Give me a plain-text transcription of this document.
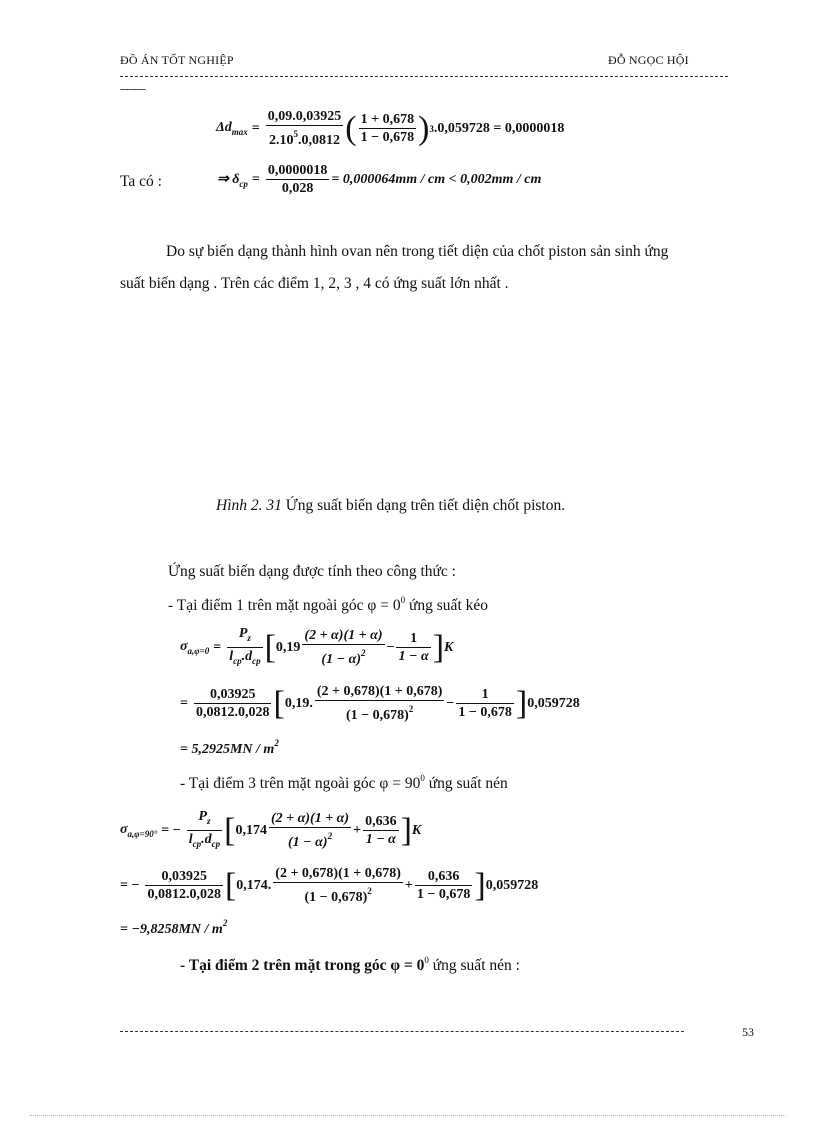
ĐỒ ÁN TỐT NGHIỆP	ĐỖ NGỌC HỘI
---------
$\Delta d_{max} = \frac{0,09.0,03925}{2.10^5.0,0812}$ ( $\frac{1 + 0,678}{1 - 0,678}$ ) 3 .0,059728 = 0,0000018
Ta có :	⇒ $\delta_{cp} = \frac{0,0000018}{0,028} = 0,000064mm$ / cm < 0,002mm / cm
Do sự biến dạng thành hình ovan nên trong tiết diện của chốt piston sản sinh ứng
suất biến dạng . Trên các điểm 1, 2, 3 , 4 có ứng suất lớn nhất .
Hình 2. 31 Ứng suất biến dạng trên tiết diện chốt piston.
Ứng suất biến dạng được tính theo công thức :
- Tại điểm 1 trên mặt ngoài góc $\varphi = 0^0$ ứng suất kéo
$\sigma_{a,\varphi=0} = \frac{P_z}{l_{cp}.d_{cp}}$ [ $0,19 \frac{(2 + \alpha)(1 + \alpha)}{(1 - \alpha)^2} - \frac{1}{1 - \alpha}$ ] K
= $\frac{0,03925}{0,0812.0,028}$ [ 0,19. $\frac{(2 + 0,678)(1 + 0,678)}{(1 - 0,678)^2} - \frac{1}{1 - 0,678}$ ] 0,059728
= $5,2925MN / m^2$
- Tại điểm 3 trên mặt ngoài góc $\varphi = 90^0$ ứng suất nén
$\sigma_{a,\varphi=90^\circ}$ = − $\frac{P_z}{l_{cp}.d_{cp}}$ [ $0,174 \frac{(2 + \alpha)(1 + \alpha)}{(1 - \alpha)^2} + \frac{0,636}{1 - \alpha}$ ] K
= − $\frac{0,03925}{0,0812.0,028}$ [ 0,174. $\frac{(2 + 0,678)(1 + 0,678)}{(1 - 0,678)^2} + \frac{0,636}{1 - 0,678}$ ] 0,059728
= $-9,8258MN / m^2$
- Tại điểm 2 trên mặt trong góc $\varphi = 0^0$ ứng suất nén :
53
